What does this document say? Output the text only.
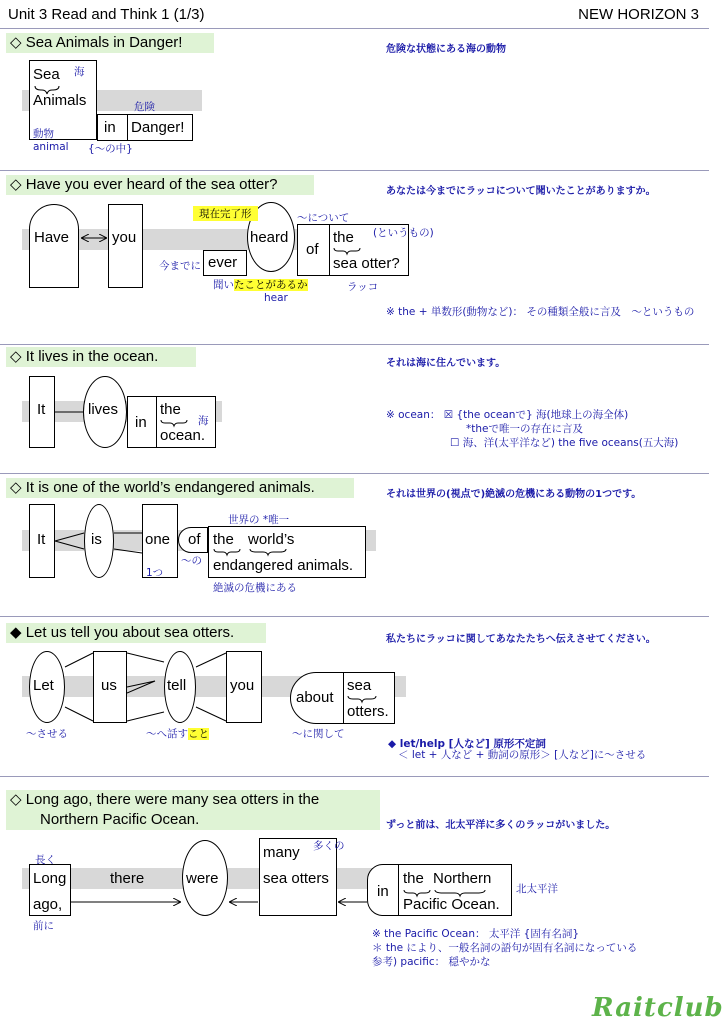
Unit 3 Read and Think 1 (1/3)	NEW HORIZON 3
◇ Sea Animals in Danger!	危険な状態にある海の動物
Sea
Animals
in Danger!
海
危険
動物
animal {～の中}
◇ Have you ever heard of the sea otter?	あなたは今までにラッコについて聞いたことがありますか。
Have	you
ever
heard
of
the
sea otter?
現在完了形	～について
(というもの)
今までに
聞いたことがあるか
hear
ラッコ
※ the + 単数形(動物など)： その種類全般に言及　～というもの
◇ It lives in the ocean.	それは海に住んでいます。
It	lives
in
the
ocean.
海	※ ocean： ☒ {the oceanで} 海(地球上の海全体)
*theで唯一の存在に言及
☐ 海、洋(太平洋など) the five oceans(五大海)
◇ It is one of the world’s endangered animals.	それは世界の(視点で)絶滅の危機にある動物の1つです。
It	is	one of the world’s
endangered animals.
世界の *唯一
～の
1つ
絶滅の危機にある
◆ Let us tell you about sea otters.	私たちにラッコに関してあなたたちへ伝えさせてください。
Let	us	tell	you
about
sea
otters.
～させる	～へ話すこと	～に関して
◆ let/help [人など] 原形不定詞
＜ let + 人など + 動詞の原形＞ [人など]に～させる
◇ Long ago, there were many sea otters in the
Northern Pacific Ocean.	ずっと前は、北太平洋に多くのラッコがいました。
Long
ago,
there	were
many
sea otters
in
the Northern
Pacific Ocean.
長く
前に
多くの
北太平洋
※ the Pacific Ocean： 太平洋 {固有名詞}
＊ the により、一般名詞の語句が固有名詞になっている
参考) pacific： 穏やかな
Raitclub
